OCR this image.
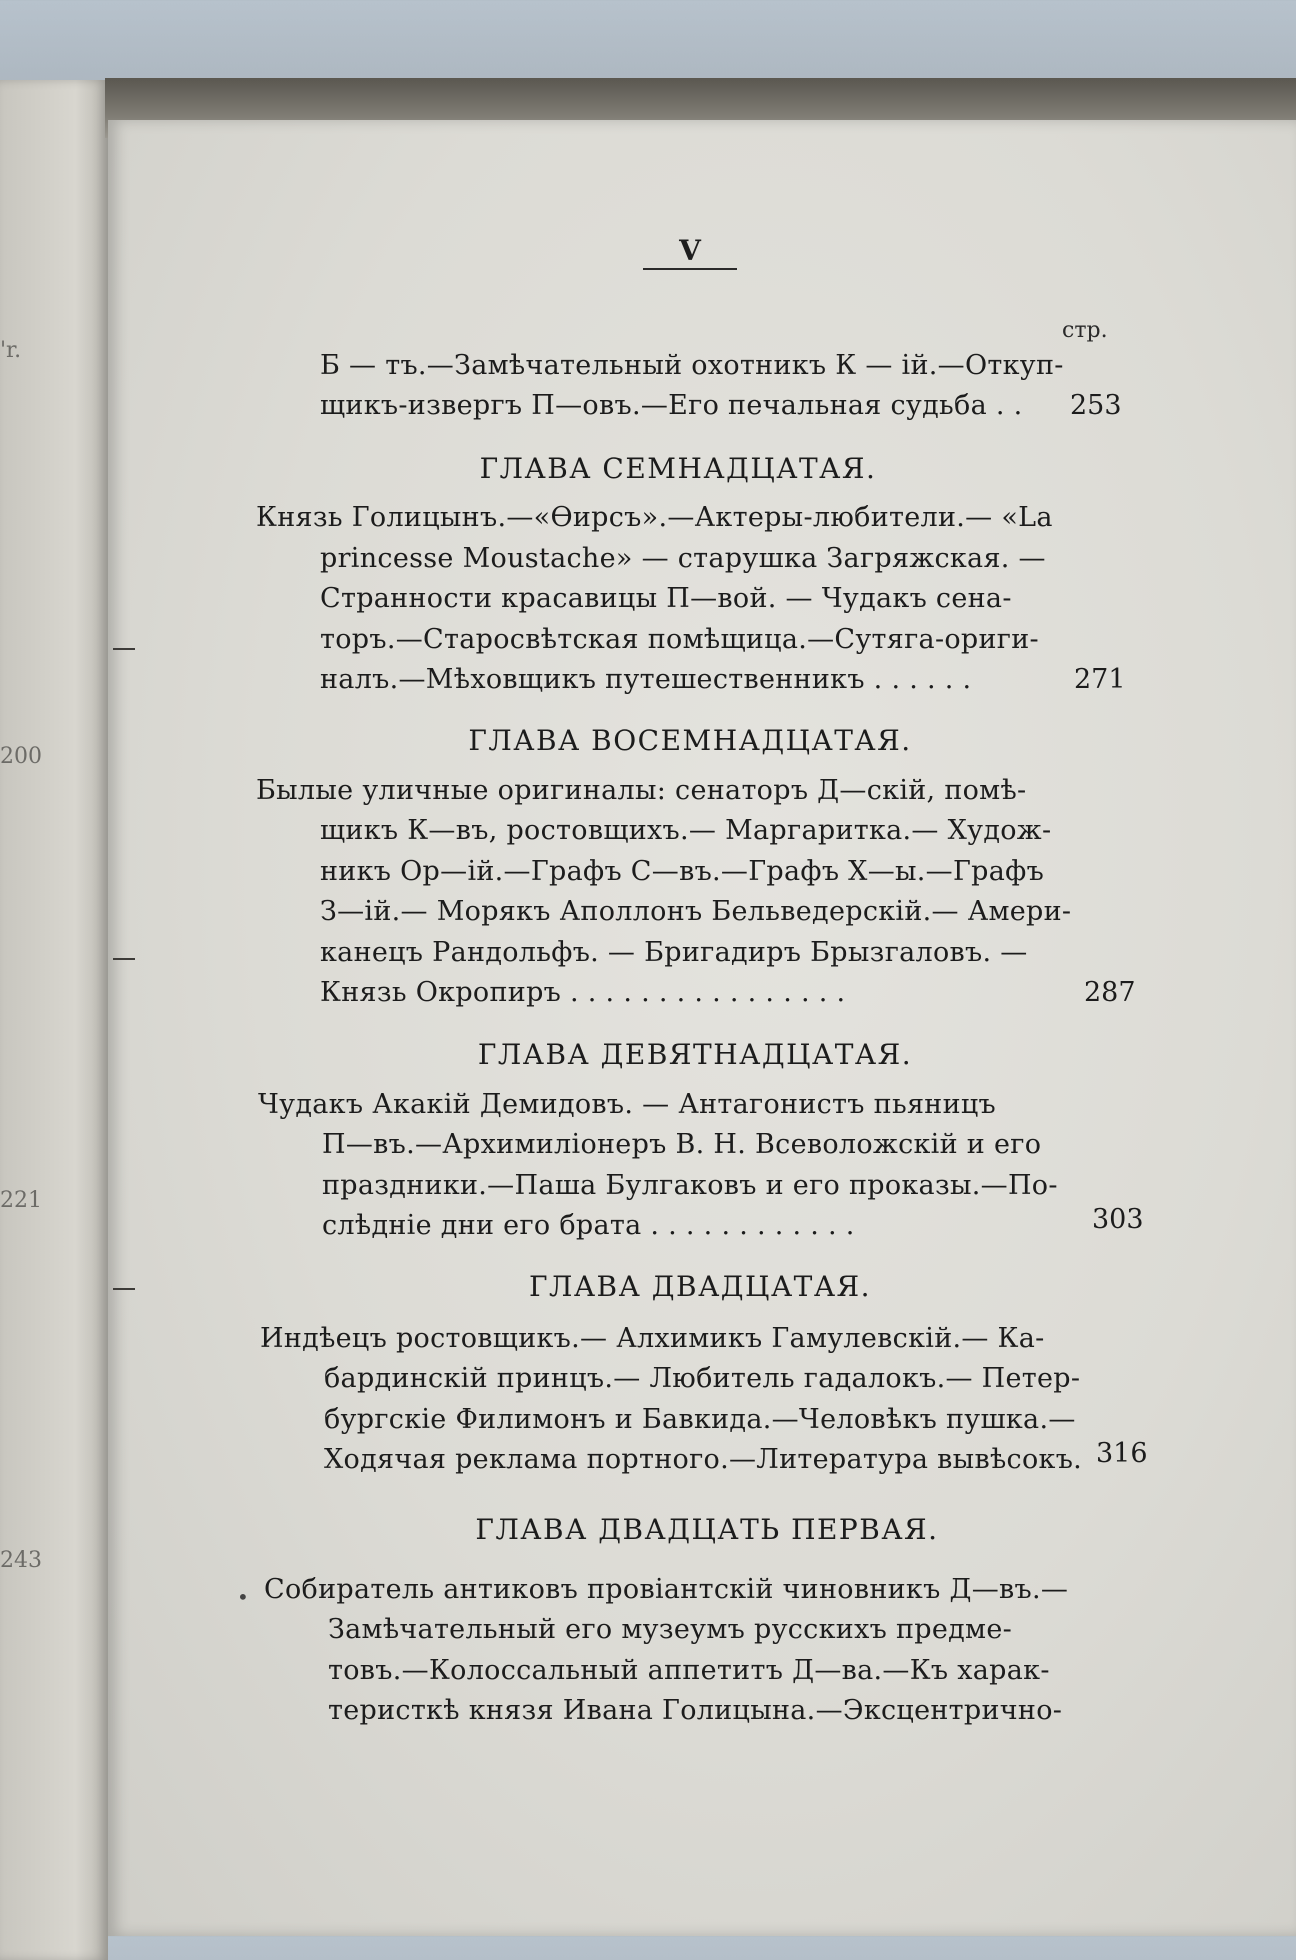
'r.
200
221
243
V
стр.
Б — тъ.—Замѣчательный охотникъ К — ій.—Откуп-
щикъ-извергъ П—овъ.—Его печальная судьба . . 253
ГЛАВА СЕМНАДЦАТАЯ.
Князь Голицынъ.—«Ѳирсъ».—Актеры-любители.— «La
princesse Moustache» — старушка Загряжская. —
Странности красавицы П—вой. — Чудакъ сена-
торъ.—Старосвѣтская помѣщица.—Сутяга-ориги-
налъ.—Мѣховщикъ путешественникъ . . . . . .	271
ГЛАВА ВОСЕМНАДЦАТАЯ.
Былые уличные оригиналы: сенаторъ Д—скій, помѣ-
щикъ К—въ, ростовщихъ.— Маргаритка.— Худож-
никъ Ор—ій.—Графъ С—въ.—Графъ Х—ы.—Графъ
З—ій.— Морякъ Аполлонъ Бельведерскій.— Амери-
канецъ Рандольфъ. — Бригадиръ Брызгаловъ. —
Князь Окропиръ . . . . . . . . . . . . . . . .	287
ГЛАВА ДЕВЯТНАДЦАТАЯ.
Чудакъ Акакій Демидовъ. — Антагонистъ пьяницъ
П—въ.—Архимиліонеръ В. Н. Всеволожскій и его
праздники.—Паша Булгаковъ и его проказы.—По-
слѣдніе дни его брата . . . . . . . . . . . .	303
ГЛАВА ДВАДЦАТАЯ.
Индѣецъ ростовщикъ.— Алхимикъ Гамулевскій.— Ка-
бардинскій принцъ.— Любитель гадалокъ.— Петер-
бургскіе Филимонъ и Бавкида.—Человѣкъ пушка.—
Ходячая реклама портного.—Литература вывѣсокъ. 316
ГЛАВА ДВАДЦАТЬ ПЕРВАЯ.
• Собиратель антиковъ провіантскій чиновникъ Д—въ.—
Замѣчательный его музеумъ русскихъ предме-
товъ.—Колоссальный аппетитъ Д—ва.—Къ харак-
теристкѣ князя Ивана Голицына.—Эксцентрично-
